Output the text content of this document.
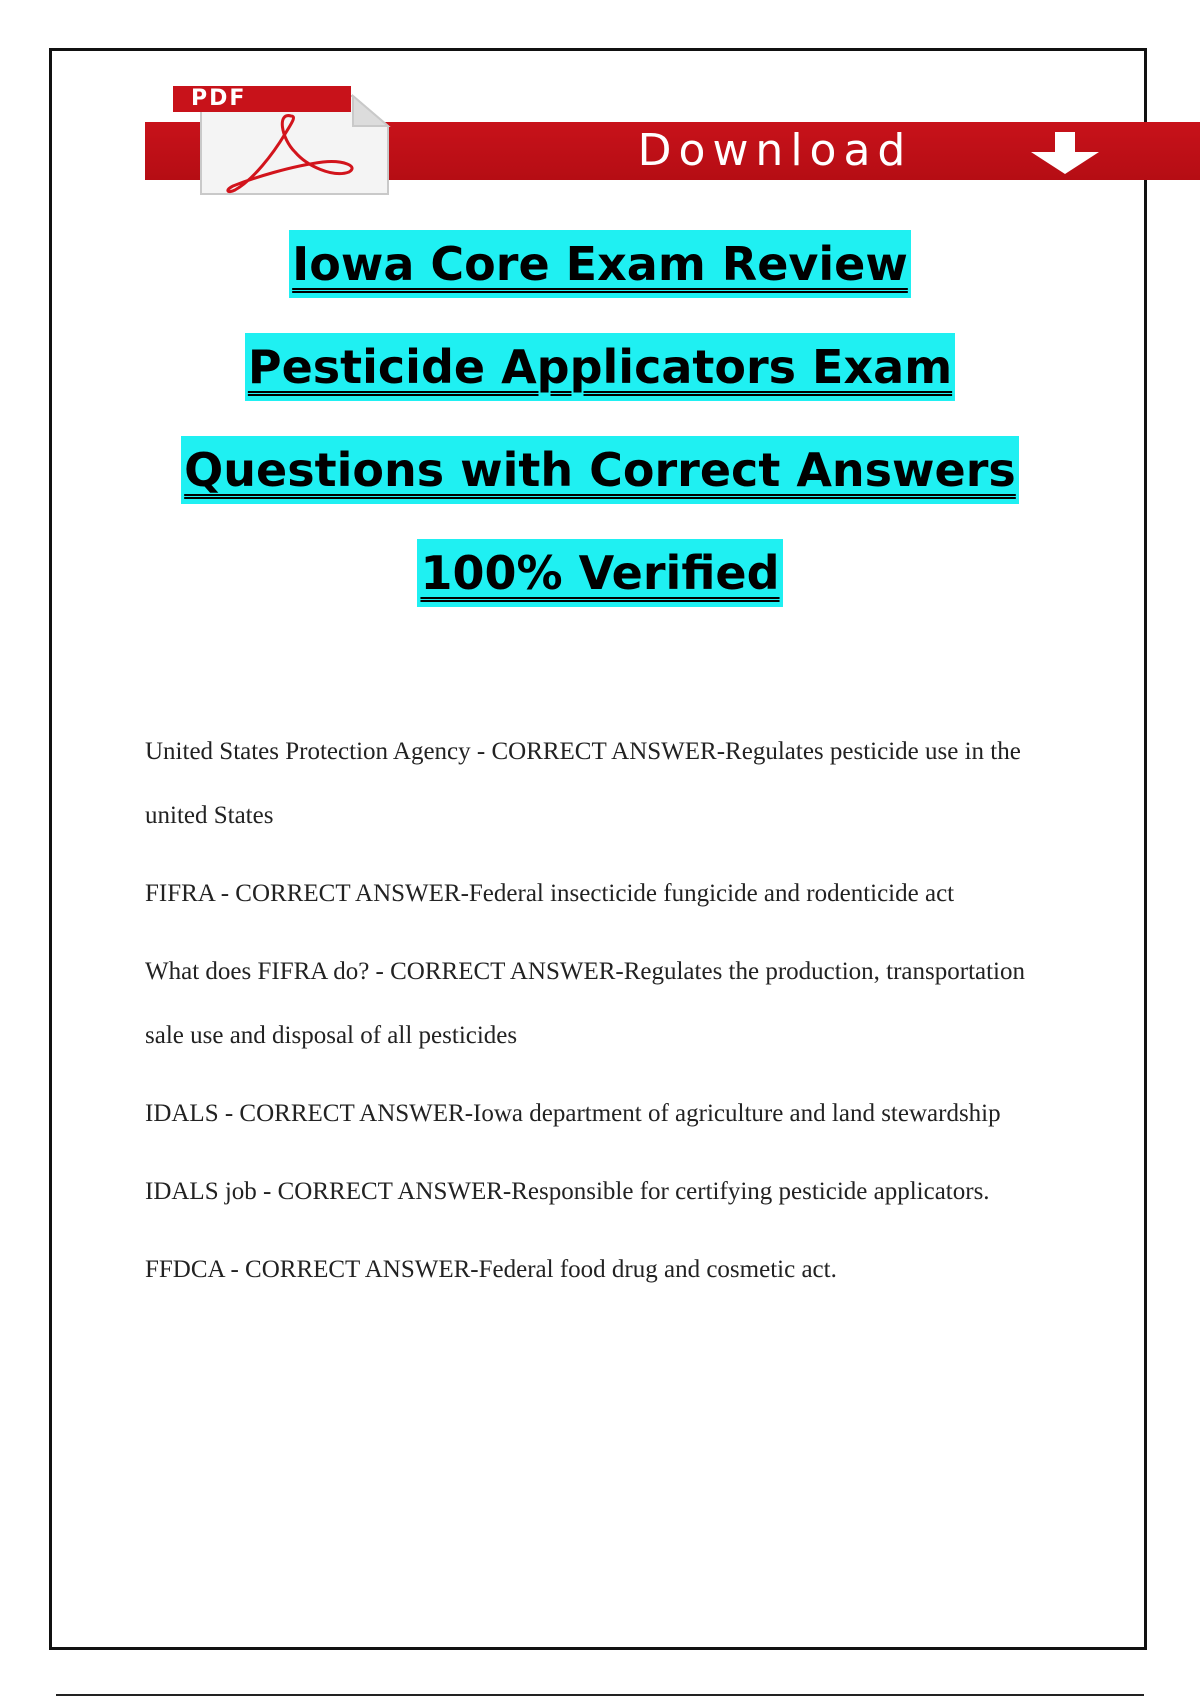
Download
PDF
Iowa Core Exam Review
Pesticide Applicators Exam
Questions with Correct Answers
100% Verified
United States Protection Agency - CORRECT ANSWER-Regulates pesticide use in the united States
FIFRA - CORRECT ANSWER-Federal insecticide fungicide and rodenticide act
What does FIFRA do? - CORRECT ANSWER-Regulates the production, transportation sale use and disposal of all pesticides
IDALS - CORRECT ANSWER-Iowa department of agriculture and land stewardship
IDALS job - CORRECT ANSWER-Responsible for certifying pesticide applicators.
FFDCA - CORRECT ANSWER-Federal food drug and cosmetic act.
